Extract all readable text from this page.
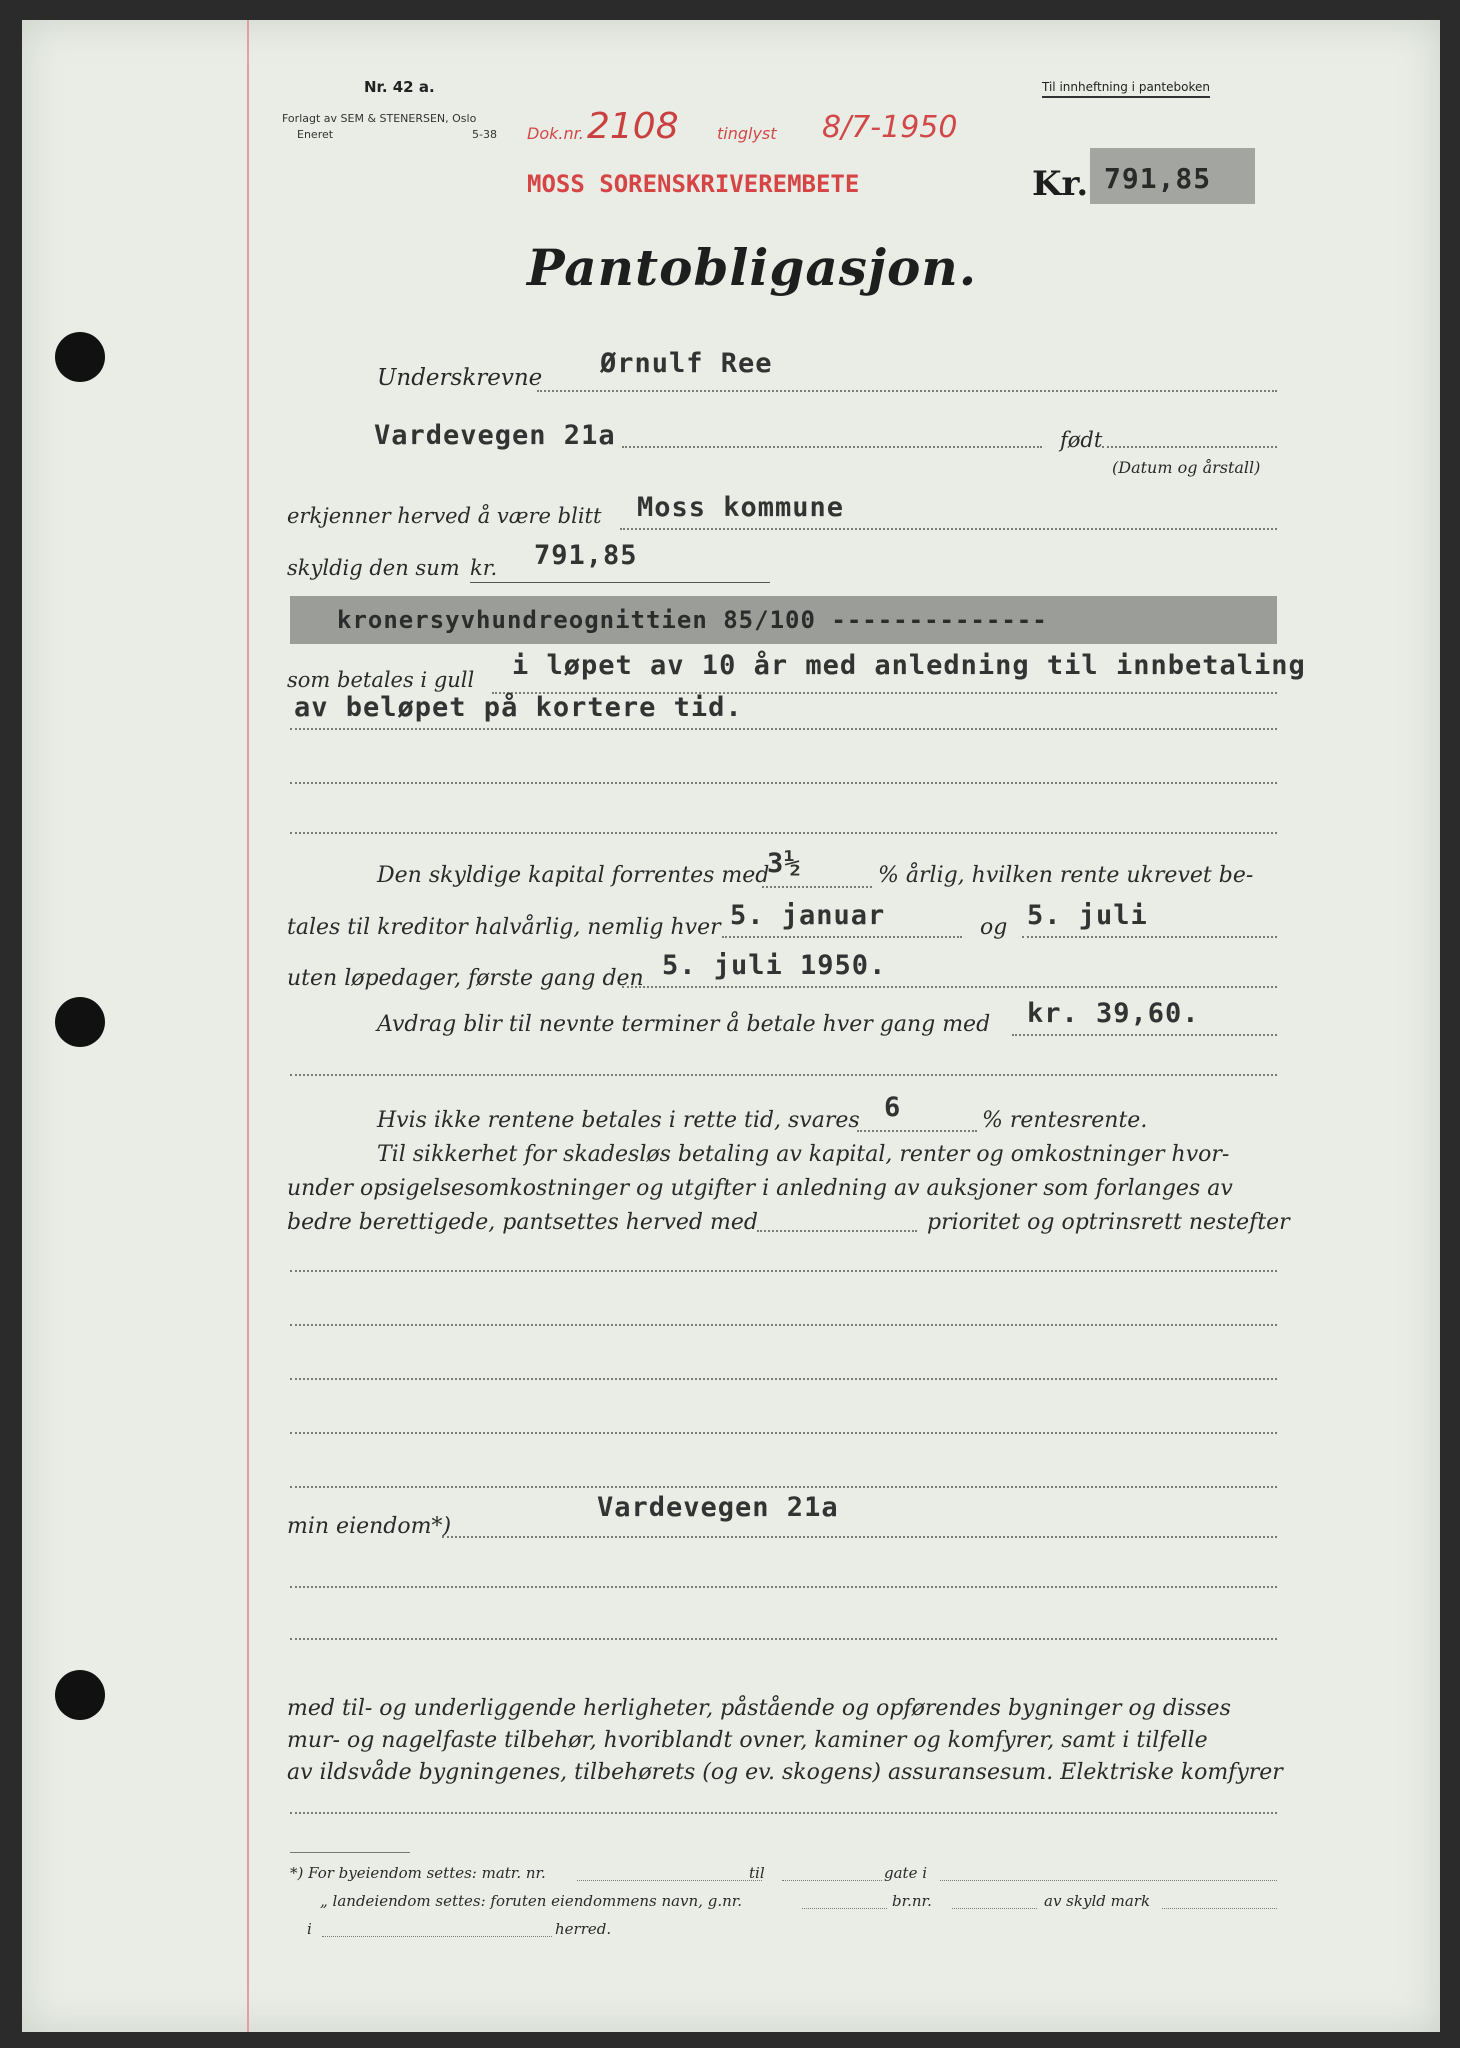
Nr. 42 a.
Forlagt av SEM & STENERSEN, Oslo
Eneret	5-38
Til innheftning i panteboken
Dok.nr. 2108 tinglyst 8/7-1950
MOSS SORENSKRIVEREMBETE	Kr. 791,85
Pantobligasjon.
Ørnulf Ree
Underskrevne
Vardevegen 21a	født
(Datum og årstall)
erkjenner herved å være blitt Moss kommune
skyldig den sum kr. 791,85
kronersyvhundreognittien 85/100 --------------
som betales i gull i løpet av 10 år med anledning til innbetaling
av beløpet på kortere tid.
Den skyldige kapital forrentes med
3½	% årlig, hvilken rente ukrevet be-
tales til kreditor halvårlig, nemlig hver 5. januar	og 5. juli
uten løpedager, første gang den 5. juli 1950.
Avdrag blir til nevnte terminer å betale hver gang med kr. 39,60.
Hvis ikke rentene betales i rette tid, svares 6	% rentesrente.
Til sikkerhet for skadesløs betaling av kapital, renter og omkostninger hvor-
under opsigelsesomkostninger og utgifter i anledning av auksjoner som forlanges av
bedre berettigede, pantsettes herved med	prioritet og optrinsrett nestefter
min eiendom*)
Vardevegen 21a
med til- og underliggende herligheter, påstående og opførendes bygninger og disses
mur- og nagelfaste tilbehør, hvoriblandt ovner, kaminer og komfyrer, samt i tilfelle
av ildsvåde bygningenes, tilbehørets (og ev. skogens) assuransesum. Elektriske komfyrer
*) For byeiendom settes: matr. nr.	til	gate i
„ landeiendom settes: foruten eiendommens navn, g.nr.	br.nr.	av skyld mark
i	herred.
